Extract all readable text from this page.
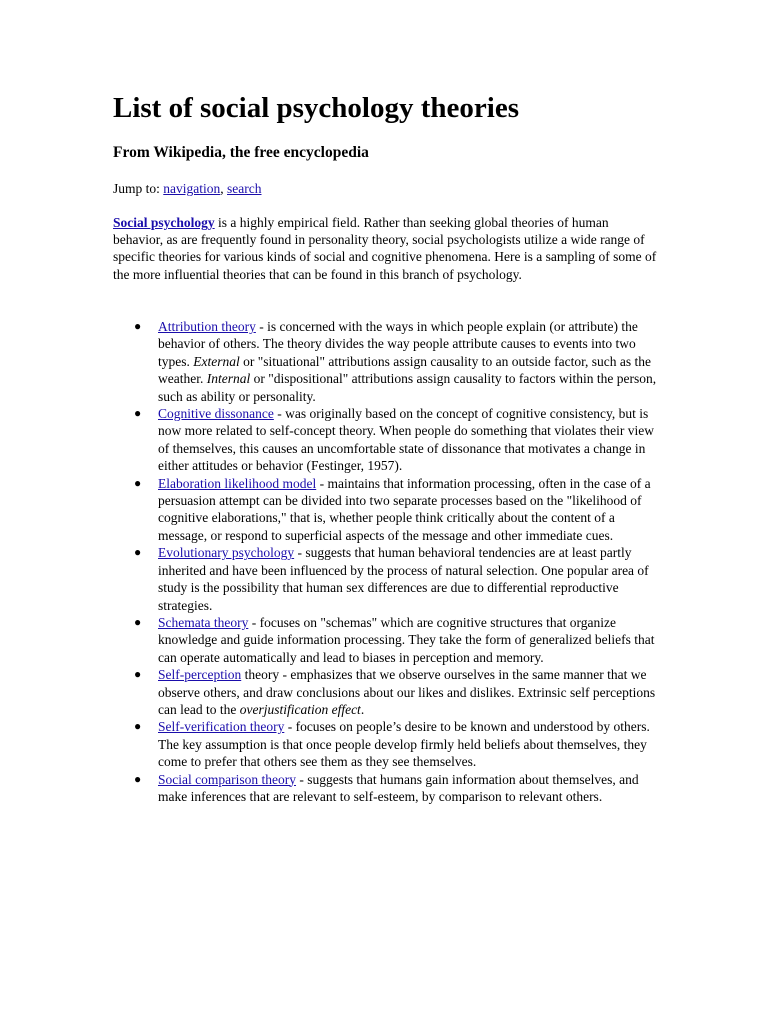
List of social psychology theories
From Wikipedia, the free encyclopedia
Jump to: navigation, search

Social psychology is a highly empirical field. Rather than seeking global theories of human behavior, as are frequently found in personality theory, social psychologists utilize a wide range of specific theories for various kinds of social and cognitive phenomena. Here is a sampling of some of the more influential theories that can be found in this branch of psychology.

● Attribution theory - is concerned with the ways in which people explain (or attribute) the behavior of others. The theory divides the way people attribute causes to events into two types. External or "situational" attributions assign causality to an outside factor, such as the weather. Internal or "dispositional" attributions assign causality to factors within the person, such as ability or personality.
● Cognitive dissonance - was originally based on the concept of cognitive consistency, but is now more related to self-concept theory. When people do something that violates their view of themselves, this causes an uncomfortable state of dissonance that motivates a change in either attitudes or behavior (Festinger, 1957).
● Elaboration likelihood model - maintains that information processing, often in the case of a persuasion attempt can be divided into two separate processes based on the "likelihood of cognitive elaborations," that is, whether people think critically about the content of a message, or respond to superficial aspects of the message and other immediate cues.
● Evolutionary psychology - suggests that human behavioral tendencies are at least partly inherited and have been influenced by the process of natural selection. One popular area of study is the possibility that human sex differences are due to differential reproductive strategies.
● Schemata theory - focuses on "schemas" which are cognitive structures that organize knowledge and guide information processing. They take the form of generalized beliefs that can operate automatically and lead to biases in perception and memory.
● Self-perception theory - emphasizes that we observe ourselves in the same manner that we observe others, and draw conclusions about our likes and dislikes. Extrinsic self perceptions can lead to the overjustification effect.
● Self-verification theory - focuses on people’s desire to be known and understood by others. The key assumption is that once people develop firmly held beliefs about themselves, they come to prefer that others see them as they see themselves.
● Social comparison theory - suggests that humans gain information about themselves, and make inferences that are relevant to self-esteem, by comparison to relevant others.
